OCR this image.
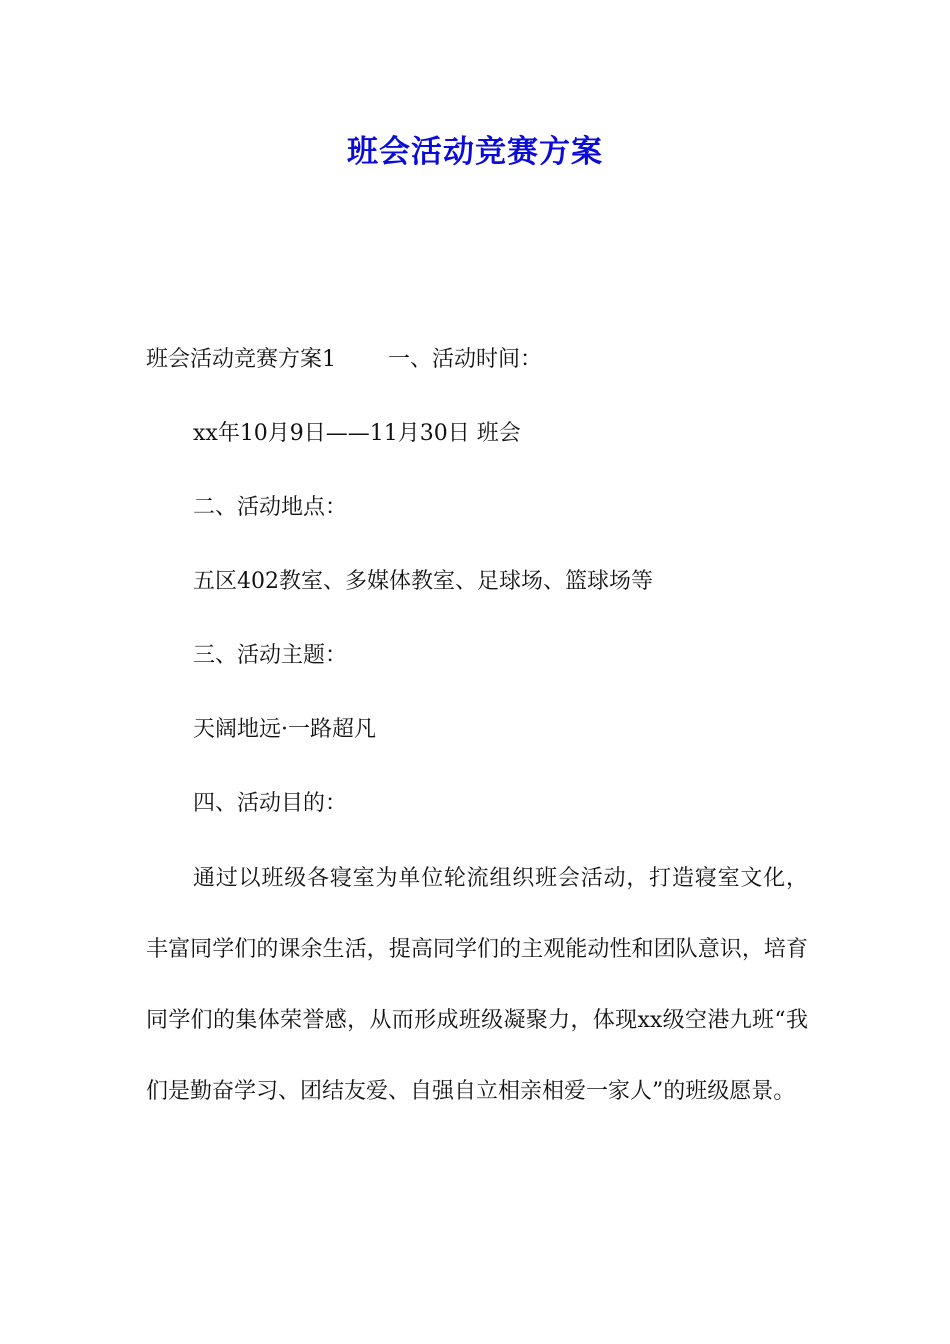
班会活动竞赛方案
班会活动竞赛方案1 一、活动时间：
xx年10月9日——11月30日 班会
二、活动地点：
五区402教室、多媒体教室、足球场、篮球场等
三、活动主题：
天阔地远·一路超凡
四、活动目的：
通过以班级各寝室为单位轮流组织班会活动，打造寝室文化，丰富同学们的课余生活，提高同学们的主观能动性和团队意识，培育同学们的集体荣誉感，从而形成班级凝聚力，体现xx级空港九班“我们是勤奋学习、团结友爱、自强自立相亲相爱一家人”的班级愿景。
